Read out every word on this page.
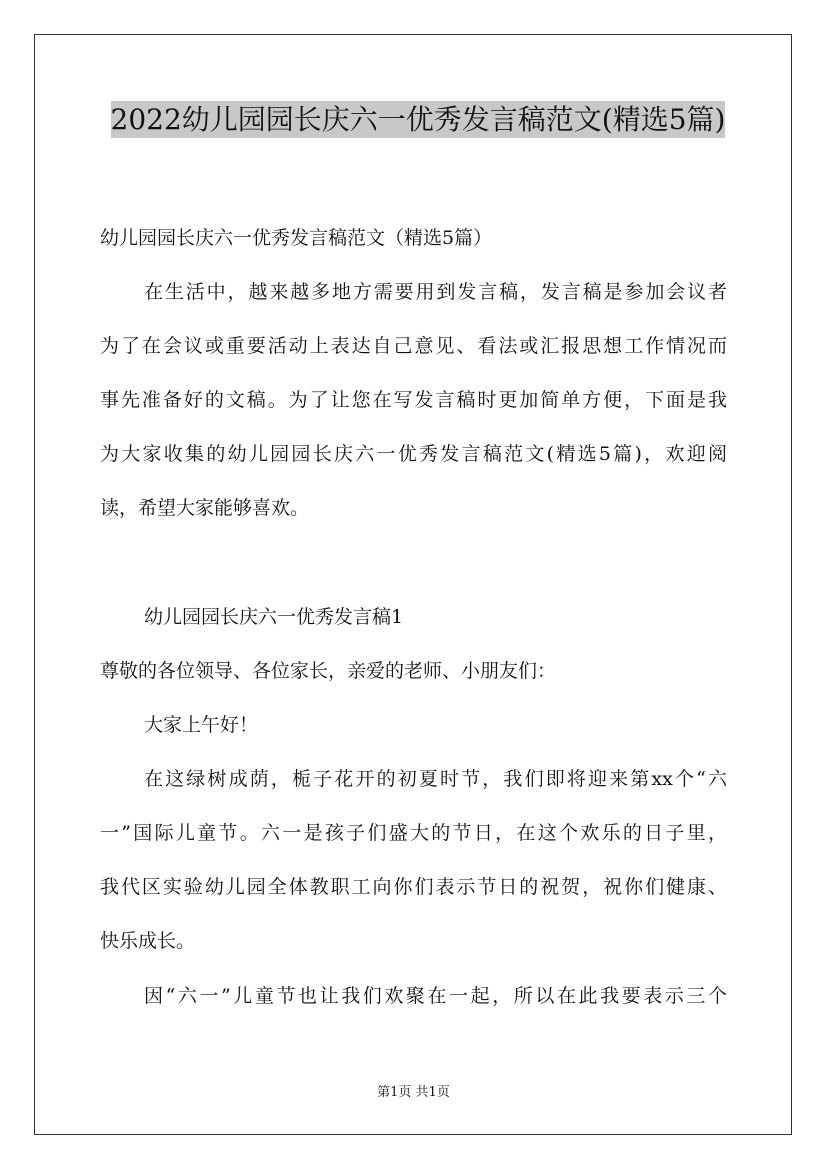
2022幼儿园园长庆六一优秀发言稿范文(精选5篇)

幼儿园园长庆六一优秀发言稿范文（精选5篇）

在生活中，越来越多地方需要用到发言稿，发言稿是参加会议者

为了在会议或重要活动上表达自己意见、看法或汇报思想工作情况而

事先准备好的文稿。为了让您在写发言稿时更加简单方便，下面是我

为大家收集的幼儿园园长庆六一优秀发言稿范文(精选5篇)，欢迎阅

读，希望大家能够喜欢。

幼儿园园长庆六一优秀发言稿1

尊敬的各位领导、各位家长，亲爱的老师、小朋友们：

大家上午好！

在这绿树成荫，栀子花开的初夏时节，我们即将迎来第xx个“六

一”国际儿童节。六一是孩子们盛大的节日，在这个欢乐的日子里，

我代区实验幼儿园全体教职工向你们表示节日的祝贺，祝你们健康、

快乐成长。

因“六一”儿童节也让我们欢聚在一起，所以在此我要表示三个

第1页 共1页
